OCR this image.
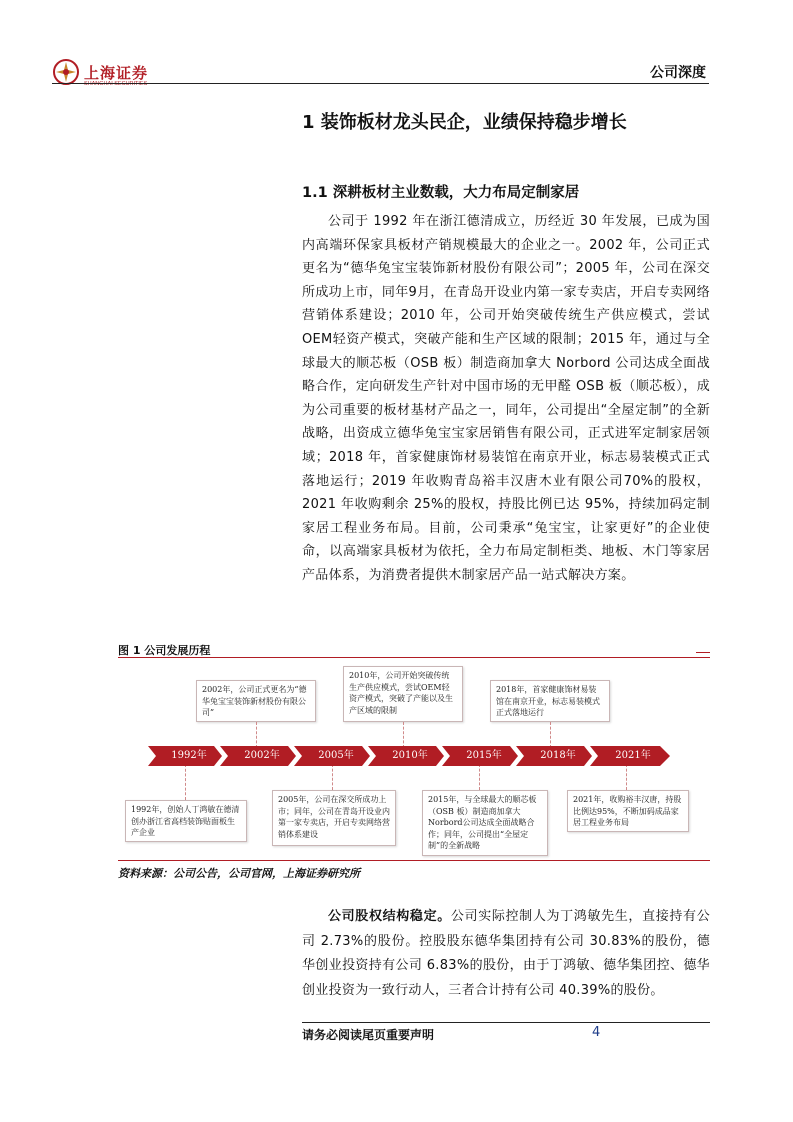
上海证券
SHANGHAI SECURITIES
公司深度
1 装饰板材龙头民企，业绩保持稳步增长
1.1 深耕板材主业数载，大力布局定制家居

公司于 1992 年在浙江德清成立，历经近 30 年发展，已成为国内高端环保家具板材产销规模最大的企业之一。2002 年，公司正式更名为“德华兔宝宝装饰新材股份有限公司”；2005 年，公司在深交所成功上市，同年9月，在青岛开设业内第一家专卖店，开启专卖网络营销体系建设；2010 年，公司开始突破传统生产供应模式，尝试OEM轻资产模式，突破产能和生产区域的限制；2015 年，通过与全球最大的顺芯板（OSB 板）制造商加拿大 Norbord 公司达成全面战略合作，定向研发生产针对中国市场的无甲醛 OSB 板（顺芯板），成为公司重要的板材基材产品之一，同年，公司提出“全屋定制”的全新战略，出资成立德华兔宝宝家居销售有限公司，正式进军定制家居领域；2018 年，首家健康饰材易装馆在南京开业，标志易装模式正式落地运行；2019 年收购青岛裕丰汉唐木业有限公司70%的股权，2021 年收购剩余 25%的股权，持股比例已达 95%，持续加码定制家居工程业务布局。目前，公司秉承“兔宝宝，让家更好”的企业使命，以高端家具板材为依托，全力布局定制柜类、地板、木门等家居产品体系，为消费者提供木制家居产品一站式解决方案。

图 1 公司发展历程
2002年，公司正式更名为“德华兔宝宝装饰新材股份有限公司”
2010年，公司开始突破传统生产供应模式，尝试OEM轻资产模式，突破了产能以及生产区域的限制
2018年，首家健康饰材易装馆在南京开业，标志易装模式正式落地运行
1992年	2002年	2005年	2010年	2015年	2018年	2021年
1992年，创始人丁鸿敏在德清创办浙江省高档装饰贴面板生产企业
2005年，公司在深交所成功上市；同年，公司在青岛开设业内第一家专卖店，开启专卖网络营销体系建设
2015年，与全球最大的顺芯板（OSB 板）制造商加拿大Norbord公司达成全面战略合作；同年，公司提出“全屋定制”的全新战略
2021年，收购裕丰汉唐，持股比例达95%，不断加码成品家居工程业务布局
资料来源：公司公告，公司官网，上海证券研究所

公司股权结构稳定。公司实际控制人为丁鸿敏先生，直接持有公司 2.73%的股份。控股股东德华集团持有公司 30.83%的股份，德华创业投资持有公司 6.83%的股份，由于丁鸿敏、德华集团控、德华创业投资为一致行动人，三者合计持有公司 40.39%的股份。

请务必阅读尾页重要声明	4
